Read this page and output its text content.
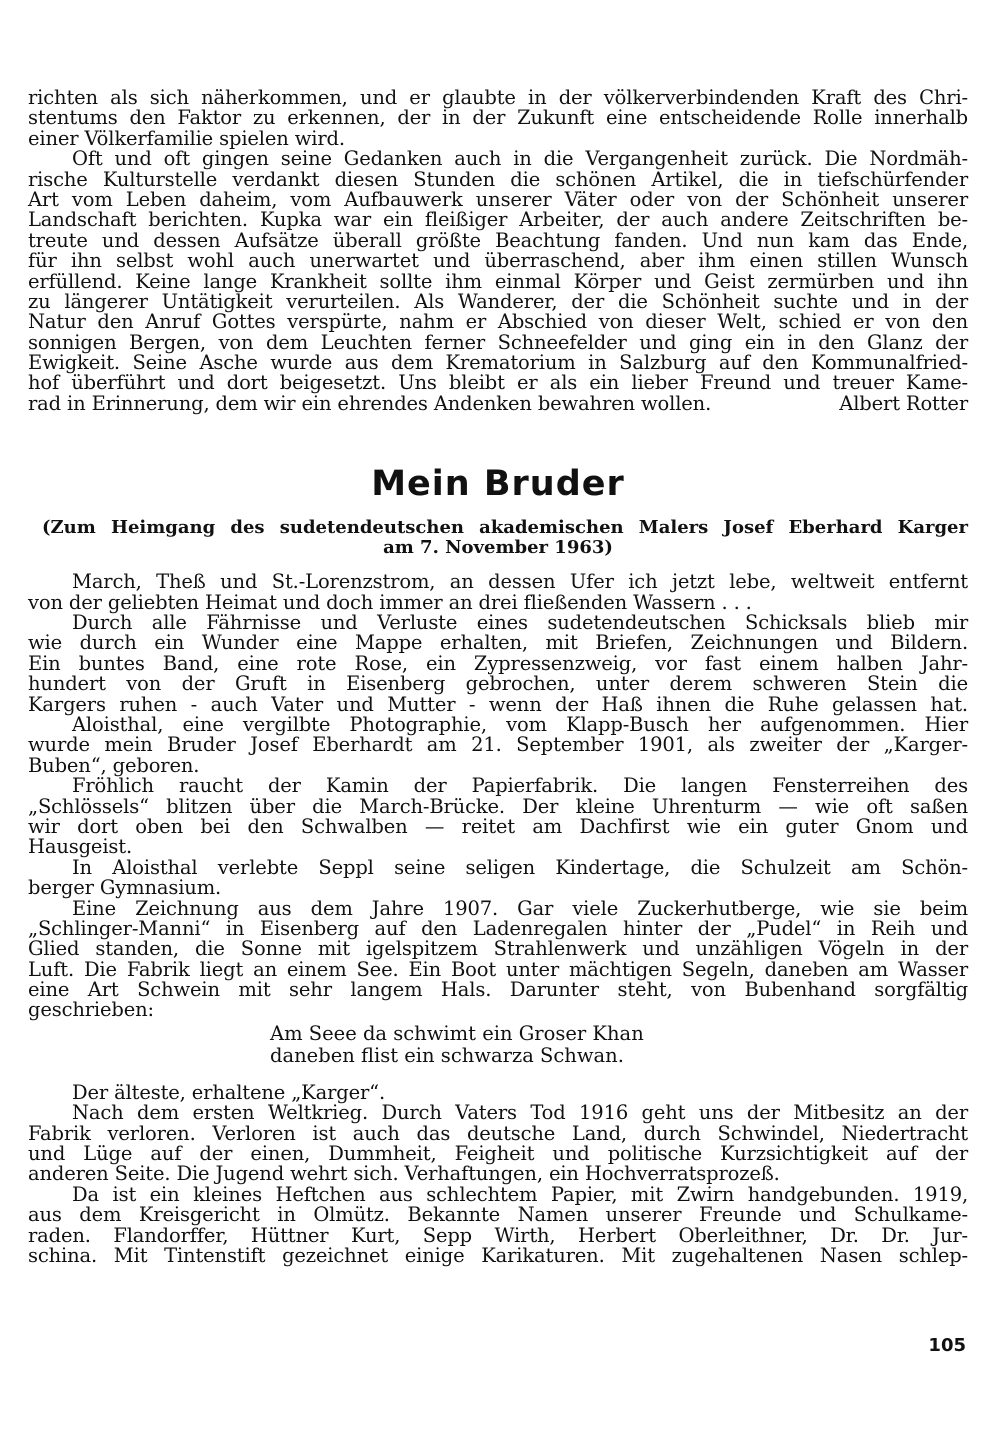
richten als sich näherkommen, und er glaubte in der völkerverbindenden Kraft des Chri-
stentums den Faktor zu erkennen, der in der Zukunft eine entscheidende Rolle innerhalb
einer Völkerfamilie spielen wird.
Oft und oft gingen seine Gedanken auch in die Vergangenheit zurück. Die Nordmäh-
rische Kulturstelle verdankt diesen Stunden die schönen Artikel, die in tiefschürfender
Art vom Leben daheim, vom Aufbauwerk unserer Väter oder von der Schönheit unserer
Landschaft berichten. Kupka war ein fleißiger Arbeiter, der auch andere Zeitschriften be-
treute und dessen Aufsätze überall größte Beachtung fanden. Und nun kam das Ende,
für ihn selbst wohl auch unerwartet und überraschend, aber ihm einen stillen Wunsch
erfüllend. Keine lange Krankheit sollte ihm einmal Körper und Geist zermürben und ihn
zu längerer Untätigkeit verurteilen. Als Wanderer, der die Schönheit suchte und in der
Natur den Anruf Gottes verspürte, nahm er Abschied von dieser Welt, schied er von den
sonnigen Bergen, von dem Leuchten ferner Schneefelder und ging ein in den Glanz der
Ewigkeit. Seine Asche wurde aus dem Krematorium in Salzburg auf den Kommunalfried-
hof überführt und dort beigesetzt. Uns bleibt er als ein lieber Freund und treuer Kame-
rad in Erinnerung, dem wir ein ehrendes Andenken bewahren wollen.	Albert Rotter
Mein Bruder
(Zum Heimgang des sudetendeutschen akademischen Malers Josef Eberhard Karger
am 7. November 1963)
March, Theß und St.-Lorenzstrom, an dessen Ufer ich jetzt lebe, weltweit entfernt
von der geliebten Heimat und doch immer an drei fließenden Wassern . . .
Durch alle Fährnisse und Verluste eines sudetendeutschen Schicksals blieb mir
wie durch ein Wunder eine Mappe erhalten, mit Briefen, Zeichnungen und Bildern.
Ein buntes Band, eine rote Rose, ein Zypressenzweig, vor fast einem halben Jahr-
hundert von der Gruft in Eisenberg gebrochen, unter derem schweren Stein die
Kargers ruhen - auch Vater und Mutter - wenn der Haß ihnen die Ruhe gelassen hat.
Aloisthal, eine vergilbte Photographie, vom Klapp-Busch her aufgenommen. Hier
wurde mein Bruder Josef Eberhardt am 21. September 1901, als zweiter der „Karger-
Buben“, geboren.
Fröhlich raucht der Kamin der Papierfabrik. Die langen Fensterreihen des
„Schlössels“ blitzen über die March-Brücke. Der kleine Uhrenturm — wie oft saßen
wir dort oben bei den Schwalben — reitet am Dachfirst wie ein guter Gnom und
Hausgeist.
In Aloisthal verlebte Seppl seine seligen Kindertage, die Schulzeit am Schön-
berger Gymnasium.
Eine Zeichnung aus dem Jahre 1907. Gar viele Zuckerhutberge, wie sie beim
„Schlinger-Manni“ in Eisenberg auf den Ladenregalen hinter der „Pudel“ in Reih und
Glied standen, die Sonne mit igelspitzem Strahlenwerk und unzähligen Vögeln in der
Luft. Die Fabrik liegt an einem See. Ein Boot unter mächtigen Segeln, daneben am Wasser
eine Art Schwein mit sehr langem Hals. Darunter steht, von Bubenhand sorgfältig
geschrieben:
Am Seee da schwimt ein Groser Khan
daneben flist ein schwarza Schwan.
Der älteste, erhaltene „Karger“.
Nach dem ersten Weltkrieg. Durch Vaters Tod 1916 geht uns der Mitbesitz an der
Fabrik verloren. Verloren ist auch das deutsche Land, durch Schwindel, Niedertracht
und Lüge auf der einen, Dummheit, Feigheit und politische Kurzsichtigkeit auf der
anderen Seite. Die Jugend wehrt sich. Verhaftungen, ein Hochverratsprozeß.
Da ist ein kleines Heftchen aus schlechtem Papier, mit Zwirn handgebunden. 1919,
aus dem Kreisgericht in Olmütz. Bekannte Namen unserer Freunde und Schulkame-
raden. Flandorffer, Hüttner Kurt, Sepp Wirth, Herbert Oberleithner, Dr. Dr. Jur-
schina. Mit Tintenstift gezeichnet einige Karikaturen. Mit zugehaltenen Nasen schlep-
105
